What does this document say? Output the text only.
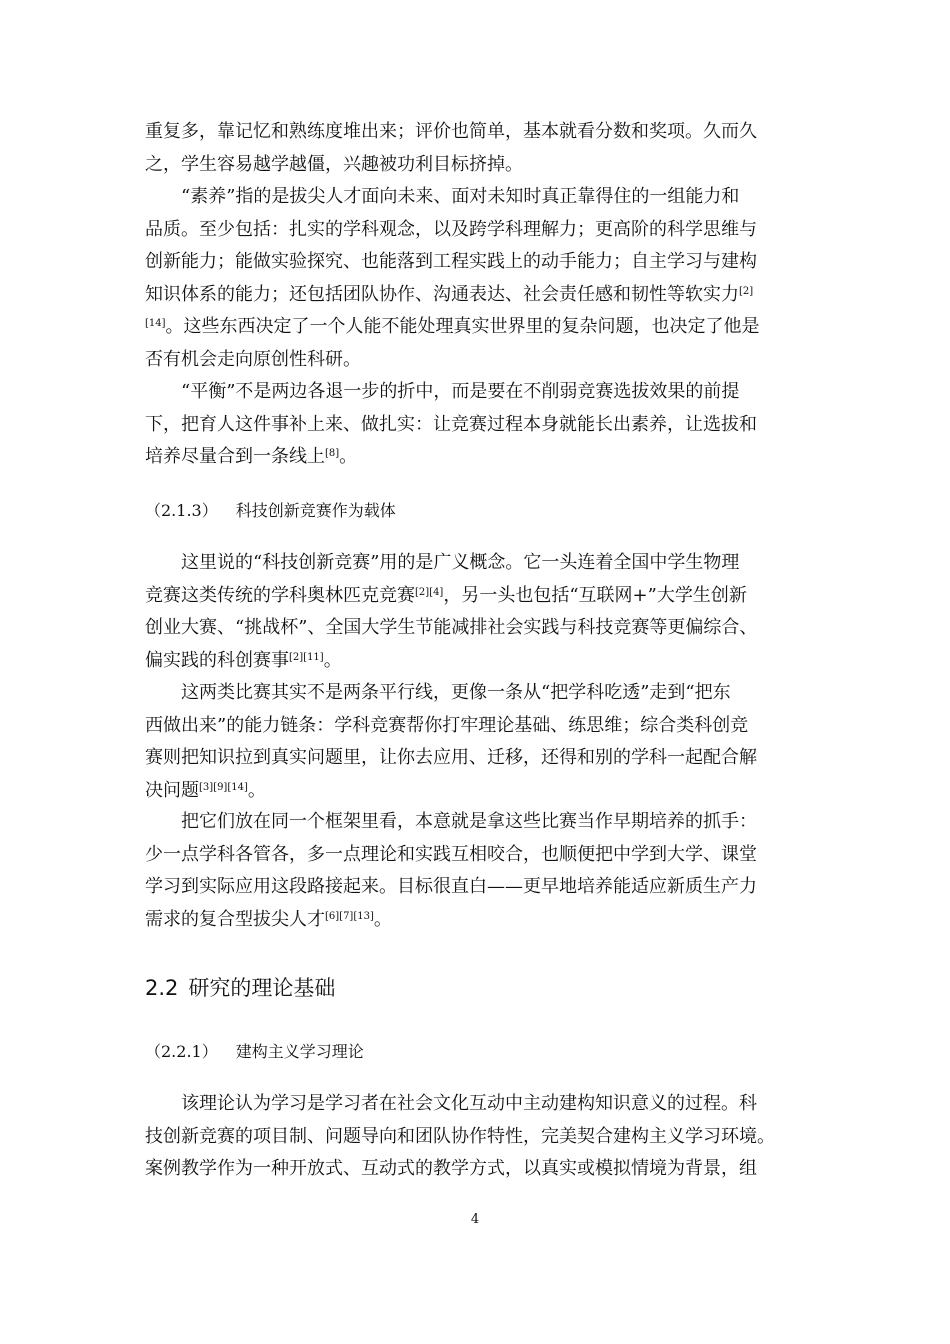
重复多，靠记忆和熟练度堆出来；评价也简单，基本就看分数和奖项。久而久
之，学生容易越学越僵，兴趣被功利目标挤掉。
“素养”指的是拔尖人才面向未来、面对未知时真正靠得住的一组能力和
品质。至少包括：扎实的学科观念，以及跨学科理解力；更高阶的科学思维与
创新能力；能做实验探究、也能落到工程实践上的动手能力；自主学习与建构
知识体系的能力；还包括团队协作、沟通表达、社会责任感和韧性等软实力[2]
[14]。这些东西决定了一个人能不能处理真实世界里的复杂问题，也决定了他是
否有机会走向原创性科研。
“平衡”不是两边各退一步的折中，而是要在不削弱竞赛选拔效果的前提
下，把育人这件事补上来、做扎实：让竞赛过程本身就能长出素养，让选拔和
培养尽量合到一条线上[8]。
（2.1.3） 科技创新竞赛作为载体
这里说的“科技创新竞赛”用的是广义概念。它一头连着全国中学生物理
竞赛这类传统的学科奥林匹克竞赛[2][4]，另一头也包括“互联网+”大学生创新
创业大赛、“挑战杯”、全国大学生节能减排社会实践与科技竞赛等更偏综合、
偏实践的科创赛事[2][11]。
这两类比赛其实不是两条平行线，更像一条从“把学科吃透”走到“把东
西做出来”的能力链条：学科竞赛帮你打牢理论基础、练思维；综合类科创竞
赛则把知识拉到真实问题里，让你去应用、迁移，还得和别的学科一起配合解
决问题[3][9][14]。
把它们放在同一个框架里看，本意就是拿这些比赛当作早期培养的抓手：
少一点学科各管各，多一点理论和实践互相咬合，也顺便把中学到大学、课堂
学习到实际应用这段路接起来。目标很直白——更早地培养能适应新质生产力
需求的复合型拔尖人才[6][7][13]。
2.2 研究的理论基础
（2.2.1） 建构主义学习理论
该理论认为学习是学习者在社会文化互动中主动建构知识意义的过程。科
技创新竞赛的项目制、问题导向和团队协作特性，完美契合建构主义学习环境。
案例教学作为一种开放式、互动式的教学方式，以真实或模拟情境为背景，组
4
